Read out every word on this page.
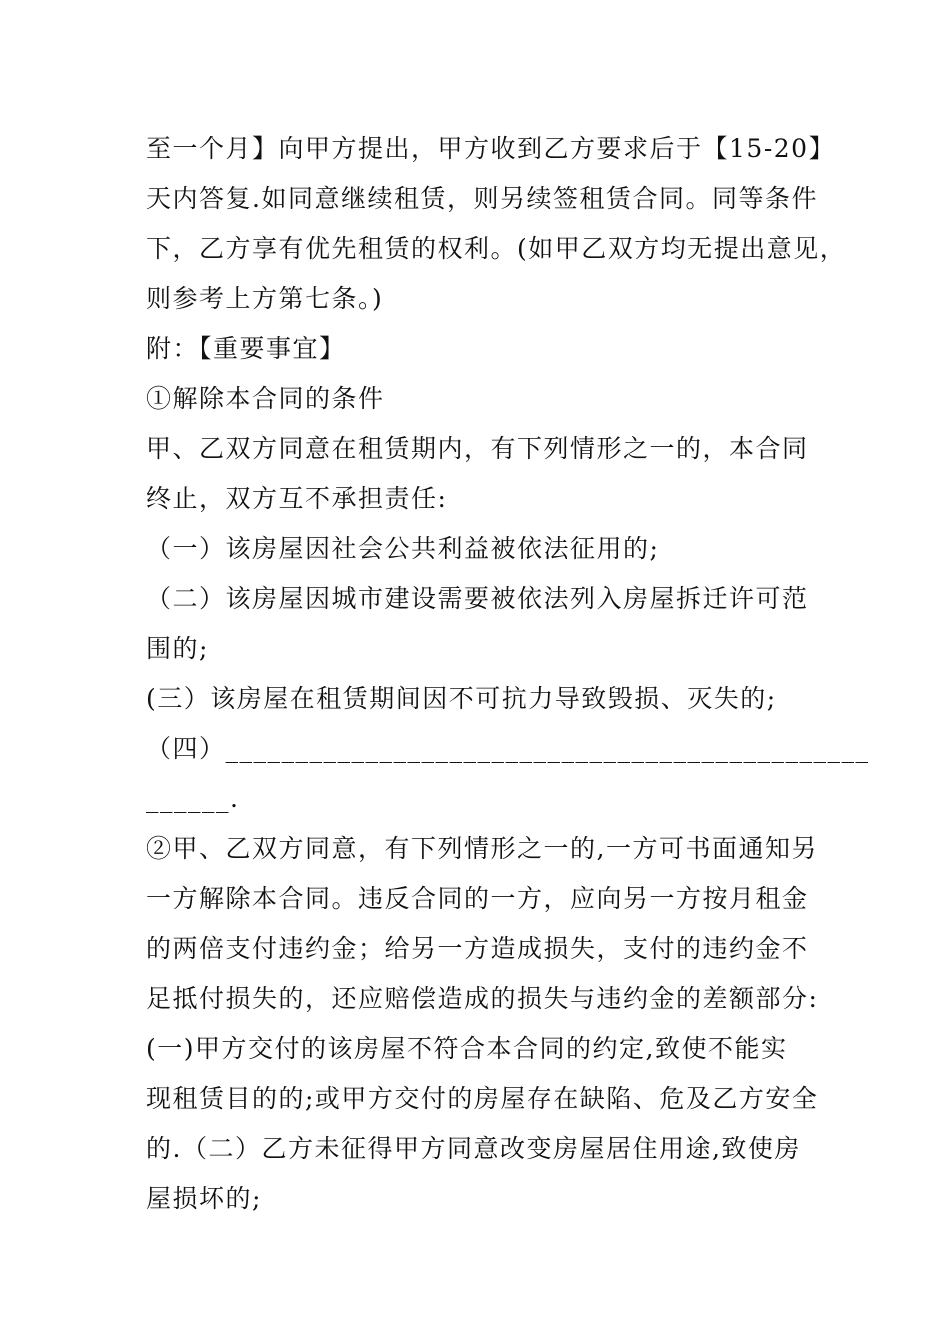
至一个月】向甲方提出，甲方收到乙方要求后于【15-20】
天内答复.如同意继续租赁，则另续签租赁合同。同等条件
下，乙方享有优先租赁的权利。(如甲乙双方均无提出意见，
则参考上方第七条。)
附：【重要事宜】
①解除本合同的条件
甲、乙双方同意在租赁期内，有下列情形之一的，本合同
终止，双方互不承担责任:
（一）该房屋因社会公共利益被依法征用的;
（二）该房屋因城市建设需要被依法列入房屋拆迁许可范
围的;
(三）该房屋在租赁期间因不可抗力导致毁损、灭失的;
（四）______________________________________________
______.
②甲、乙双方同意，有下列情形之一的,一方可书面通知另
一方解除本合同。违反合同的一方，应向另一方按月租金
的两倍支付违约金；给另一方造成损失，支付的违约金不
足抵付损失的，还应赔偿造成的损失与违约金的差额部分:
(一)甲方交付的该房屋不符合本合同的约定,致使不能实
现租赁目的的;或甲方交付的房屋存在缺陷、危及乙方安全
的.（二）乙方未征得甲方同意改变房屋居住用途,致使房
屋损坏的;
